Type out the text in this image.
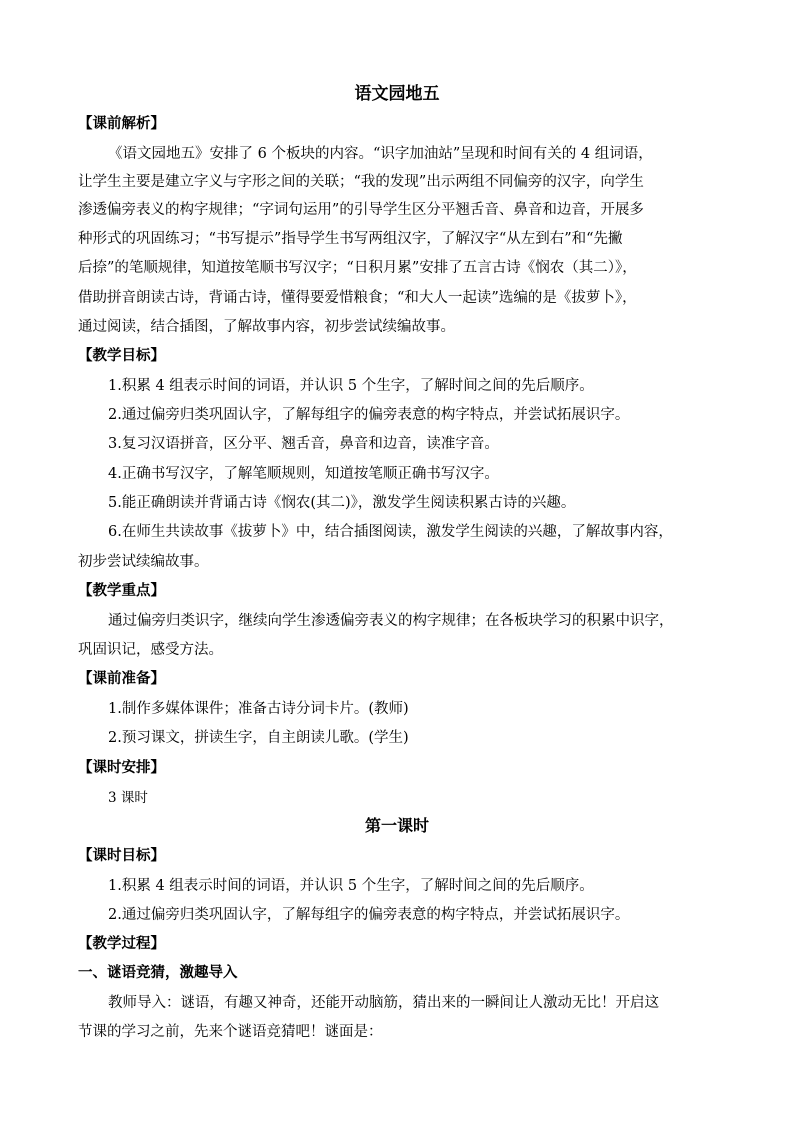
语文园地五
【课前解析】
《语文园地五》安排了 6 个板块的内容。“识字加油站”呈现和时间有关的 4 组词语，
让学生主要是建立字义与字形之间的关联；“我的发现”出示两组不同偏旁的汉字，向学生
渗透偏旁表义的构字规律；“字词句运用”的引导学生区分平翘舌音、鼻音和边音，开展多
种形式的巩固练习；“书写提示”指导学生书写两组汉字，了解汉字“从左到右”和“先撇
后捺”的笔顺规律，知道按笔顺书写汉字；“日积月累”安排了五言古诗《悯农（其二）》，
借助拼音朗读古诗，背诵古诗，懂得要爱惜粮食；“和大人一起读”选编的是《拔萝卜》，
通过阅读，结合插图，了解故事内容，初步尝试续编故事。
【教学目标】
1.积累 4 组表示时间的词语，并认识 5 个生字，了解时间之间的先后顺序。
2.通过偏旁归类巩固认字，了解每组字的偏旁表意的构字特点，并尝试拓展识字。
3.复习汉语拼音，区分平、翘舌音，鼻音和边音，读准字音。
4.正确书写汉字，了解笔顺规则，知道按笔顺正确书写汉字。
5.能正确朗读并背诵古诗《悯农(其二)》，激发学生阅读积累古诗的兴趣。
6.在师生共读故事《拔萝卜》中，结合插图阅读，激发学生阅读的兴趣，了解故事内容，
初步尝试续编故事。
【教学重点】
通过偏旁归类识字，继续向学生渗透偏旁表义的构字规律；在各板块学习的积累中识字，
巩固识记，感受方法。
【课前准备】
1.制作多媒体课件；准备古诗分词卡片。(教师)
2.预习课文，拼读生字，自主朗读儿歌。(学生)
【课时安排】
3 课时
第一课时
【课时目标】
1.积累 4 组表示时间的词语，并认识 5 个生字，了解时间之间的先后顺序。
2.通过偏旁归类巩固认字，了解每组字的偏旁表意的构字特点，并尝试拓展识字。
【教学过程】
一、谜语竞猜，激趣导入
教师导入：谜语，有趣又神奇，还能开动脑筋，猜出来的一瞬间让人激动无比！开启这
节课的学习之前，先来个谜语竞猜吧！谜面是：
